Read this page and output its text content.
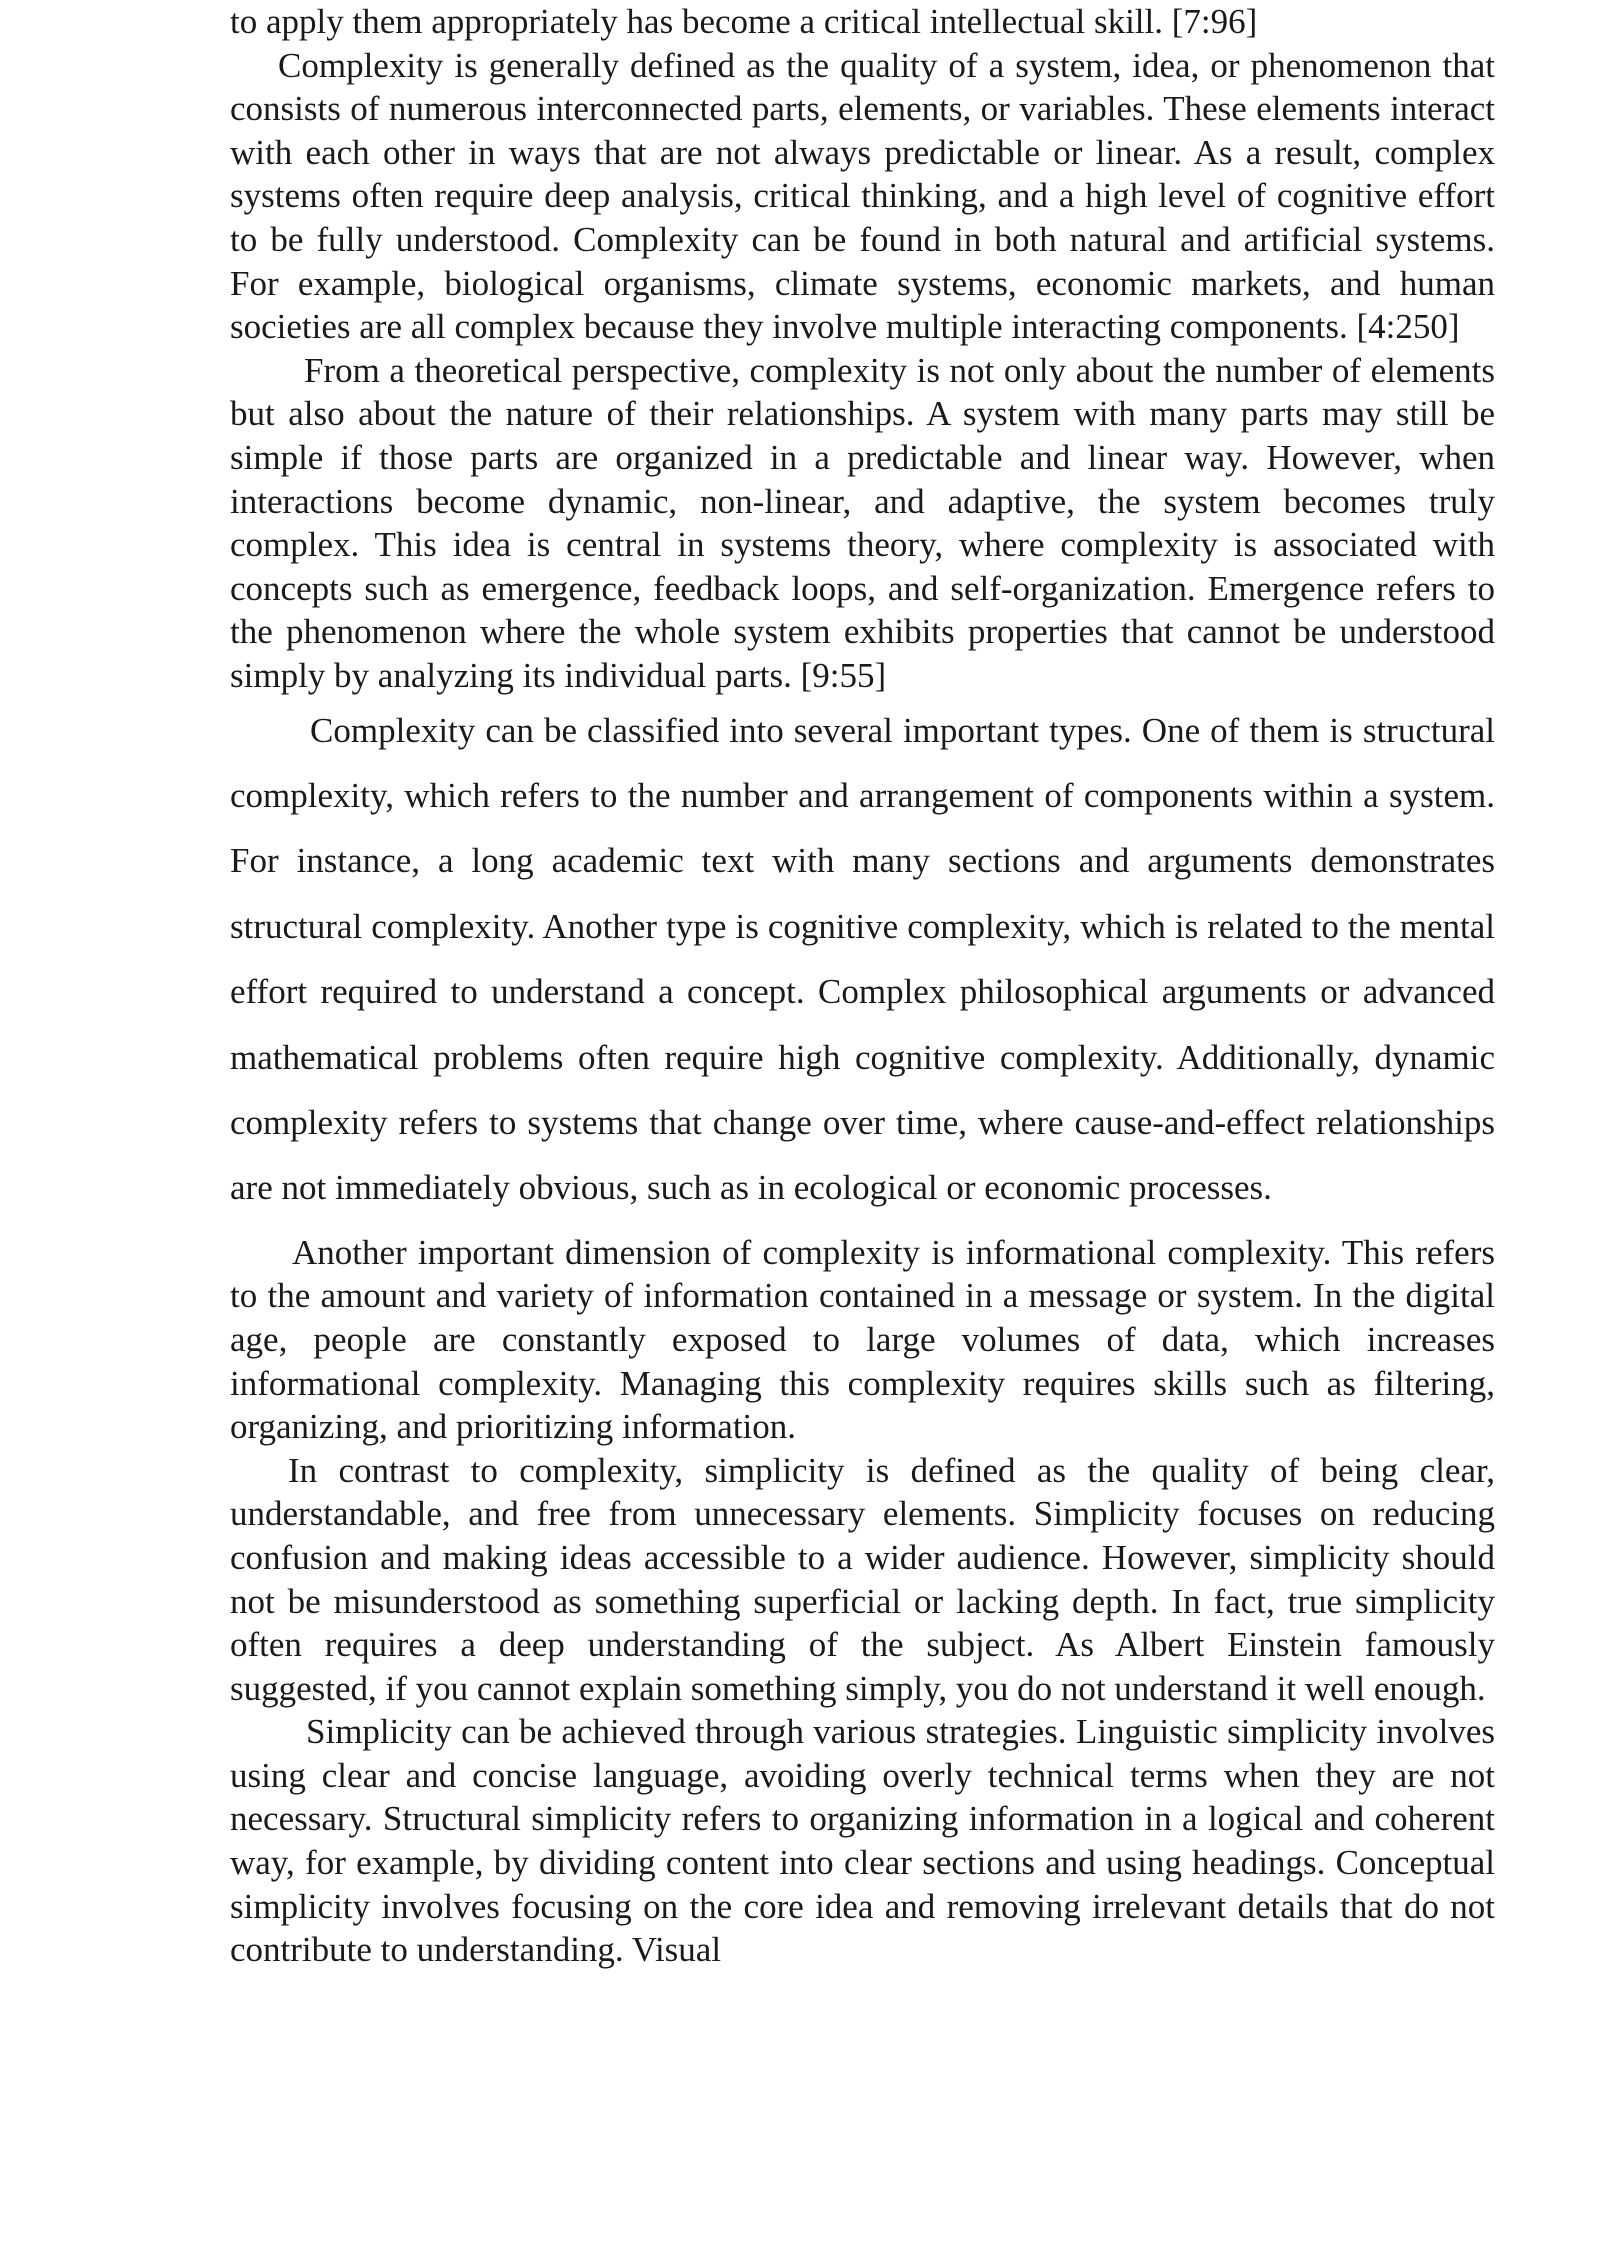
to apply them appropriately has become a critical intellectual skill. [7:96]

Complexity is generally defined as the quality of a system, idea, or phenomenon that consists of numerous interconnected parts, elements, or variables. These elements interact with each other in ways that are not always predictable or linear. As a result, complex systems often require deep analysis, critical thinking, and a high level of cognitive effort to be fully understood. Complexity can be found in both natural and artificial systems. For example, biological organisms, climate systems, economic markets, and human societies are all complex because they involve multiple interacting components. [4:250]

From a theoretical perspective, complexity is not only about the number of elements but also about the nature of their relationships. A system with many parts may still be simple if those parts are organized in a predictable and linear way. However, when interactions become dynamic, non-linear, and adaptive, the system becomes truly complex. This idea is central in systems theory, where complexity is associated with concepts such as emergence, feedback loops, and self-organization. Emergence refers to the phenomenon where the whole system exhibits properties that cannot be understood simply by analyzing its individual parts. [9:55]

Complexity can be classified into several important types. One of them is structural complexity, which refers to the number and arrangement of components within a system. For instance, a long academic text with many sections and arguments demonstrates structural complexity. Another type is cognitive complexity, which is related to the mental effort required to understand a concept. Complex philosophical arguments or advanced mathematical problems often require high cognitive complexity. Additionally, dynamic complexity refers to systems that change over time, where cause-and-effect relationships are not immediately obvious, such as in ecological or economic processes.

Another important dimension of complexity is informational complexity. This refers to the amount and variety of information contained in a message or system. In the digital age, people are constantly exposed to large volumes of data, which increases informational complexity. Managing this complexity requires skills such as filtering, organizing, and prioritizing information.

In contrast to complexity, simplicity is defined as the quality of being clear, understandable, and free from unnecessary elements. Simplicity focuses on reducing confusion and making ideas accessible to a wider audience. However, simplicity should not be misunderstood as something superficial or lacking depth. In fact, true simplicity often requires a deep understanding of the subject. As Albert Einstein famously suggested, if you cannot explain something simply, you do not understand it well enough.

Simplicity can be achieved through various strategies. Linguistic simplicity involves using clear and concise language, avoiding overly technical terms when they are not necessary. Structural simplicity refers to organizing information in a logical and coherent way, for example, by dividing content into clear sections and using headings. Conceptual simplicity involves focusing on the core idea and removing irrelevant details that do not contribute to understanding. Visual
